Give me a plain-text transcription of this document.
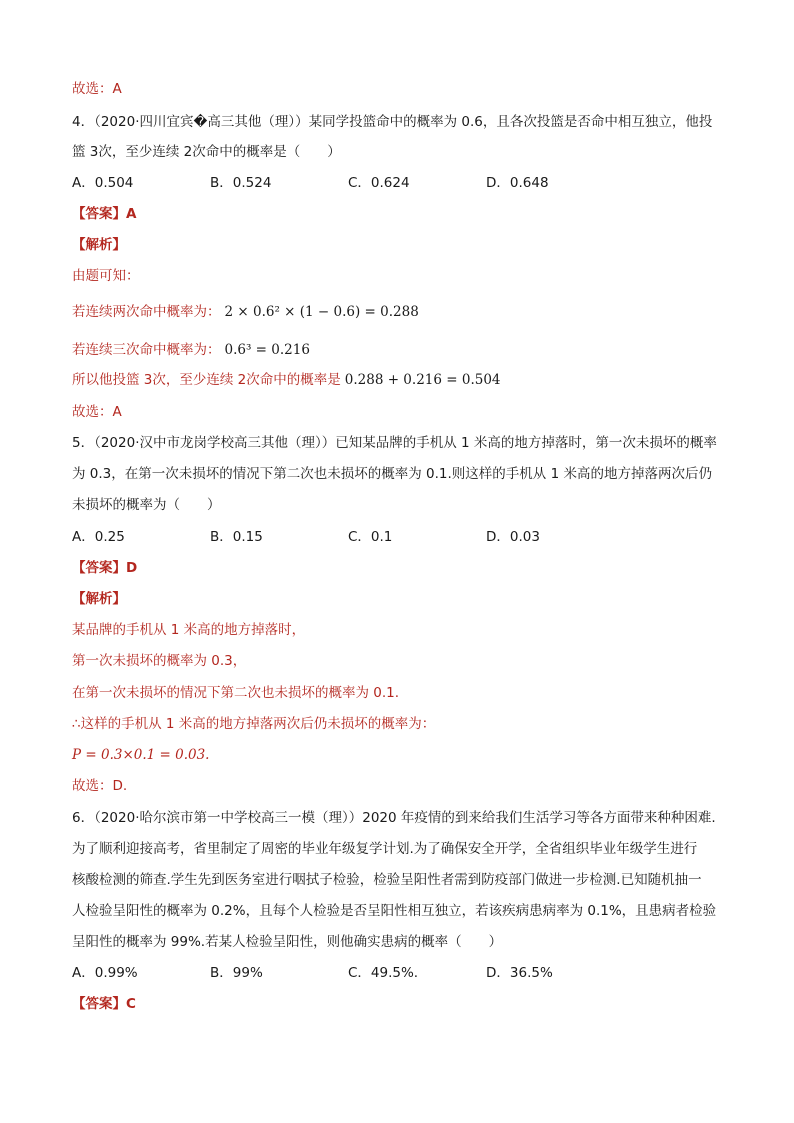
故选：A
4．（2020·四川宜宾�高三其他（理））某同学投篮命中的概率为 0.6，且各次投篮是否命中相互独立，他投
篮 3次，至少连续 2次命中的概率是（　　）
A．0.504	B．0.524	C．0.624	D．0.648
【答案】A
【解析】
由题可知：
若连续两次命中概率为： 2 × 0.6² × (1 − 0.6) = 0.288
若连续三次命中概率为： 0.6³ = 0.216
所以他投篮 3次，至少连续 2次命中的概率是 0.288 + 0.216 = 0.504
故选：A
5．（2020·汉中市龙岗学校高三其他（理））已知某品牌的手机从 1 米高的地方掉落时，第一次未损坏的概率
为 0.3，在第一次未损坏的情况下第二次也未损坏的概率为 0.1.则这样的手机从 1 米高的地方掉落两次后仍
未损坏的概率为（　　）
A．0.25	B．0.15	C．0.1	D．0.03
【答案】D
【解析】
某品牌的手机从 1 米高的地方掉落时，
第一次未损坏的概率为 0.3，
在第一次未损坏的情况下第二次也未损坏的概率为 0.1.
∴这样的手机从 1 米高的地方掉落两次后仍未损坏的概率为：
P = 0.3×0.1 = 0.03.
故选：D.
6．（2020·哈尔滨市第一中学校高三一模（理））2020 年疫情的到来给我们生活学习等各方面带来种种困难.
为了顺利迎接高考，省里制定了周密的毕业年级复学计划.为了确保安全开学，全省组织毕业年级学生进行
核酸检测的筛查.学生先到医务室进行咽拭子检验，检验呈阳性者需到防疫部门做进一步检测.已知随机抽一
人检验呈阳性的概率为 0.2%，且每个人检验是否呈阳性相互独立，若该疾病患病率为 0.1%，且患病者检验
呈阳性的概率为 99%.若某人检验呈阳性，则他确实患病的概率（　　）
A．0.99%	B．99%	C．49.5%.	D．36.5%
【答案】C
